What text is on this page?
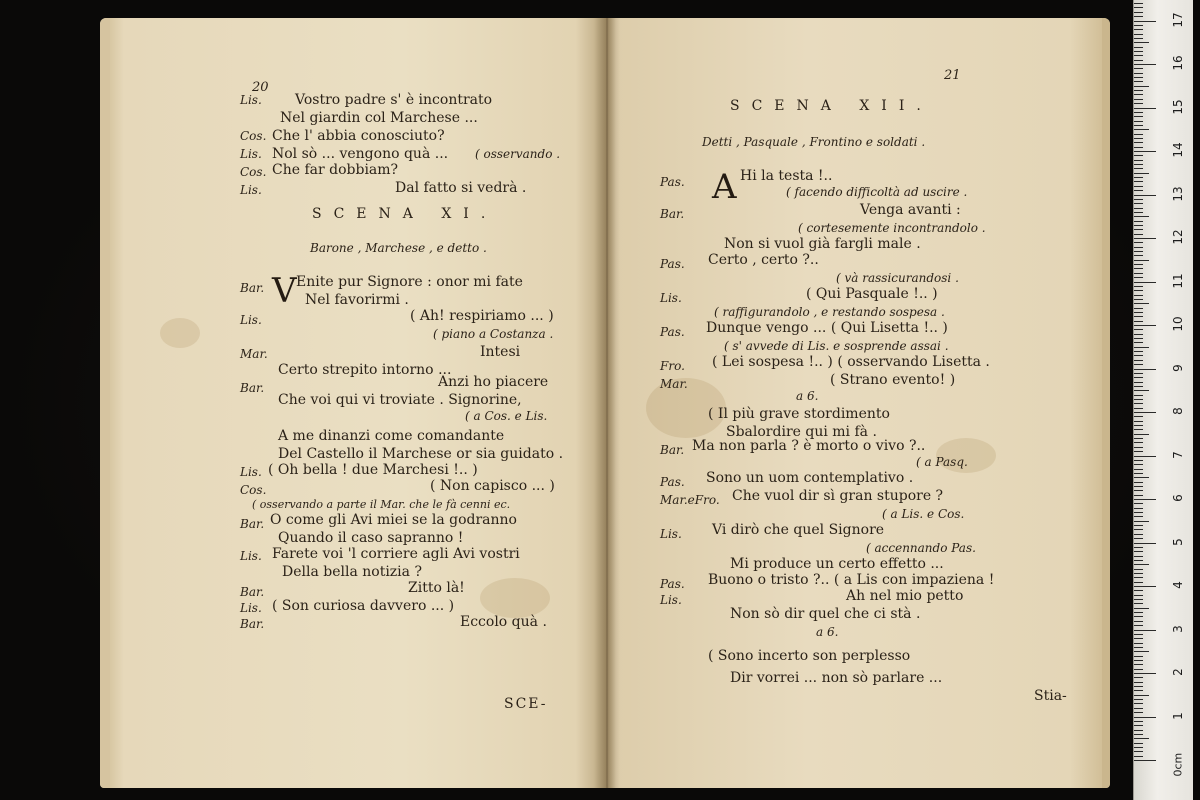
20
Lis. Vostro padre s' è incontrato
Nel giardin col Marchese ...
Cos. Che l' abbia conosciuto?
Lis. Nol sò ... vengono quà ... ( osservando .
Cos. Che far dobbiam?
Lis.	Dal fatto si vedrà .
SCENA XI.
Barone , Marchese , e detto .
Bar. V Enite pur Signore : onor mi fate
Nel favorirmi .
Lis.	( Ah! respiriamo ... )
( piano a Costanza .
Mar.	Intesi
Certo strepito intorno ...
Bar.	Anzi ho piacere
Che voi qui vi troviate . Signorine,
( a Cos. e Lis.
A me dinanzi come comandante
Del Castello il Marchese or sia guidato .
Lis. ( Oh bella ! due Marchesi !.. )
Cos.	( Non capisco ... )
( osservando a parte il Mar. che le fà cenni ec.
Bar. O come gli Avi miei se la godranno
Quando il caso sapranno !
Lis. Farete voi 'l corriere agli Avi vostri
Della bella notizia ?
Bar.	Zitto là!
Lis. ( Son curiosa davvero ... )
Bar.	Eccolo quà .
SCE-
21
SCENA XII.
Detti , Pasquale , Frontino e soldati .
Pas. A Hi la testa !..
( facendo difficoltà ad uscire .
Bar.	Venga avanti :
( cortesemente incontrandolo .
Non si vuol già fargli male .
Pas. Certo , certo ?..
( và rassicurandosi .
Lis.	( Qui Pasquale !.. )
( raffigurandolo , e restando sospesa .
Pas. Dunque vengo ... ( Qui Lisetta !.. )
( s' avvede di Lis. e sosprende assai .
Fro. ( Lei sospesa !.. ) ( osservando Lisetta .
Mar.	( Strano evento! )
a 6.
( Il più grave stordimento
Sbalordire qui mi fà .
Bar. Ma non parla ? è morto o vivo ?..
( a Pasq.
Pas. Sono un uom contemplativo .
Mar.eFro. Che vuol dir sì gran stupore ?
( a Lis. e Cos.
Lis. Vi dirò che quel Signore
( accennando Pas.
Mi produce un certo effetto ...
Pas. Buono o tristo ?.. ( a Lis con impaziena !
Lis.	Ah nel mio petto
Non sò dir quel che ci stà .
a 6.
( Sono incerto son perplesso
Dir vorrei ... non sò parlare ...
Stia-
0cm
1
2
3
4
5
6
7
8
9
10
11
12
13
14
15
16
17
